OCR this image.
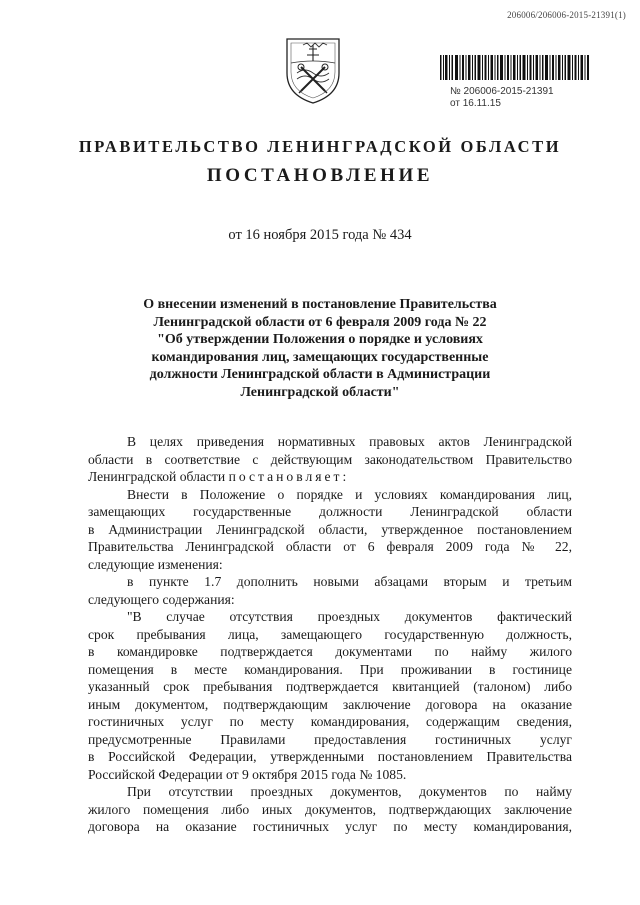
206006/206006-2015-21391(1)
№ 206006-2015-21391
от 16.11.15
ПРАВИТЕЛЬСТВО ЛЕНИНГРАДСКОЙ ОБЛАСТИ
ПОСТАНОВЛЕНИЕ
от 16 ноября 2015 года № 434
О внесении изменений в постановление Правительства
Ленинградской области от 6 февраля 2009 года № 22
"Об утверждении Положения о порядке и условиях
командирования лиц, замещающих государственные
должности Ленинградской области в Администрации
Ленинградской области"
В целях приведения нормативных правовых актов Ленинградской
области в соответствие с действующим законодательством Правительство
Ленинградской области постановляет:
Внести в Положение о порядке и условиях командирования лиц,
замещающих государственные должности Ленинградской области
в Администрации Ленинградской области, утвержденное постановлением
Правительства Ленинградской области от 6 февраля 2009 года № 22,
следующие изменения:
в пункте 1.7 дополнить новыми абзацами вторым и третьим
следующего содержания:
"В случае отсутствия проездных документов фактический
срок пребывания лица, замещающего государственную должность,
в командировке подтверждается документами по найму жилого
помещения в месте командирования. При проживании в гостинице
указанный срок пребывания подтверждается квитанцией (талоном) либо
иным документом, подтверждающим заключение договора на оказание
гостиничных услуг по месту командирования, содержащим сведения,
предусмотренные Правилами предоставления гостиничных услуг
в Российской Федерации, утвержденными постановлением Правительства
Российской Федерации от 9 октября 2015 года № 1085.
При отсутствии проездных документов, документов по найму
жилого помещения либо иных документов, подтверждающих заключение
договора на оказание гостиничных услуг по месту командирования,
